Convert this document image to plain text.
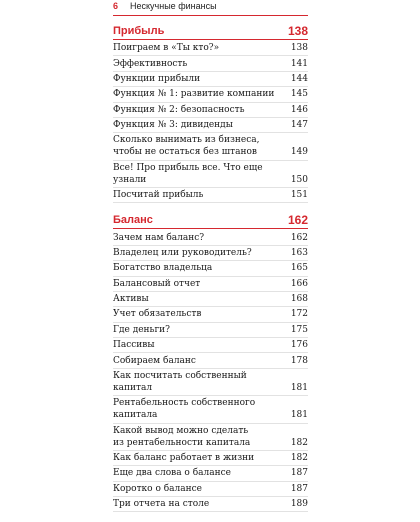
6 Нескучные финансы
Прибыль	138
Поиграем в «Ты кто?»	138
Эффективность	141
Функции прибыли	144
Функция № 1: развитие компании	145
Функция № 2: безопасность	146
Функция № 3: дивиденды	147
Сколько вынимать из бизнеса,
чтобы не остаться без штанов	149
Все! Про прибыль все. Что еще узнали	150
Посчитай прибыль	151
Баланс	162
Зачем нам баланс?	162
Владелец или руководитель?	163
Богатство владельца	165
Балансовый отчет	166
Активы	168
Учет обязательств	172
Где деньги?	175
Пассивы	176
Собираем баланс	178
Как посчитать собственный капитал	181
Рентабельность собственного капитала	181
Какой вывод можно сделать
из рентабельности капитала	182
Как баланс работает в жизни	182
Еще два слова о балансе	187
Коротко о балансе	187
Три отчета на столе	189
